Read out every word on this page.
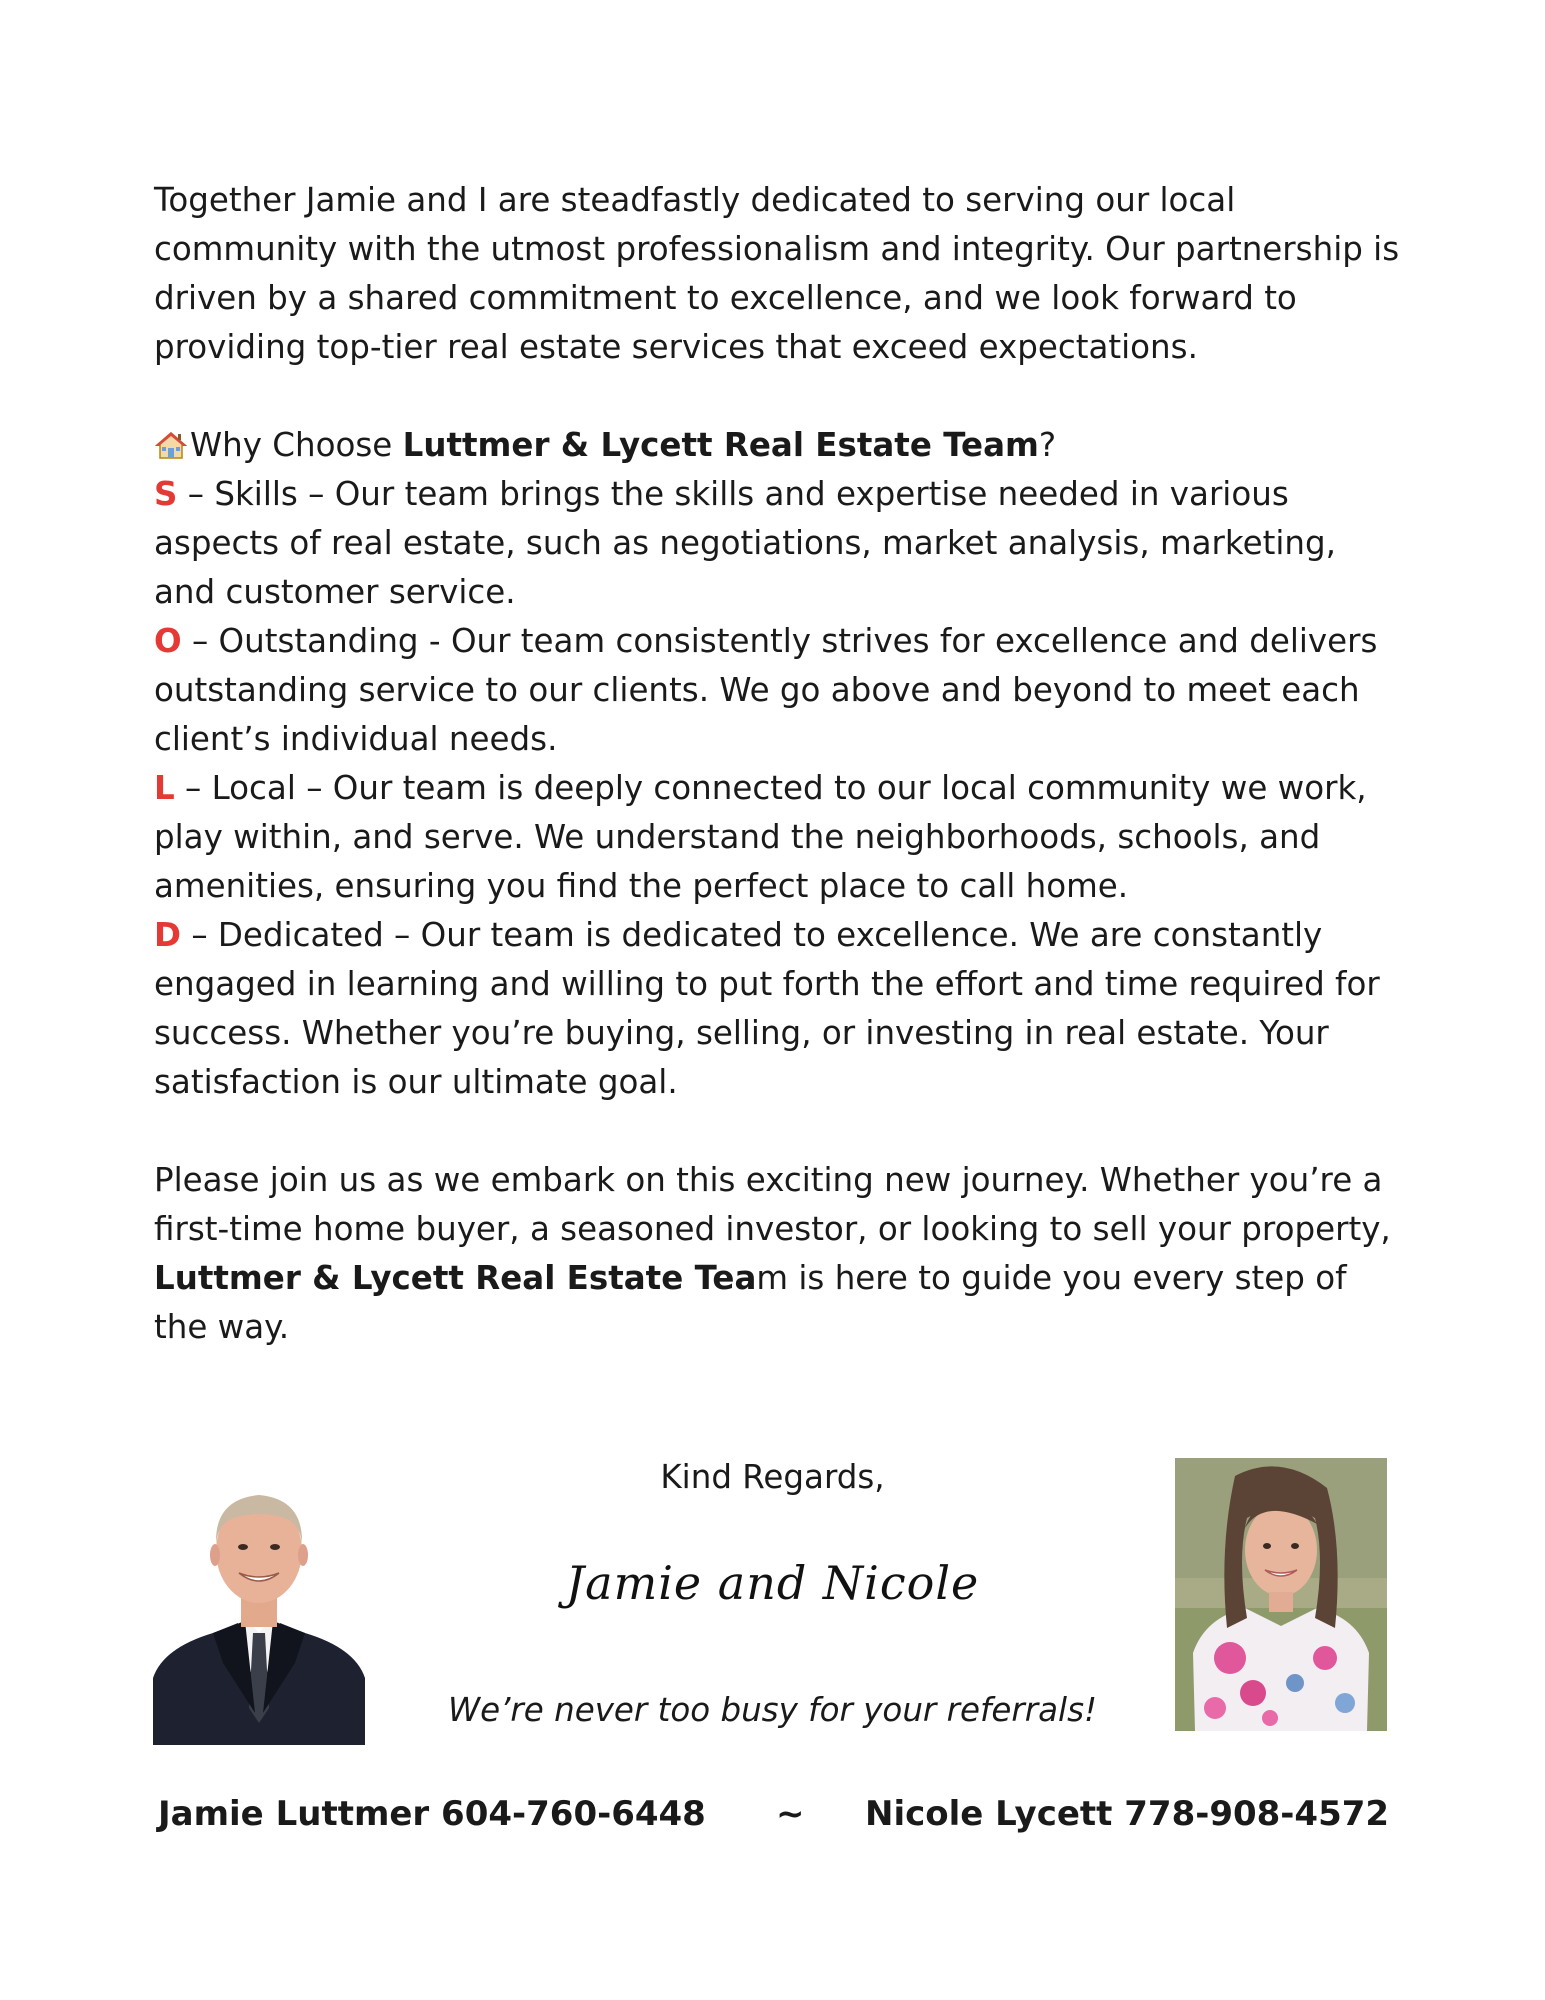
Together Jamie and I are steadfastly dedicated to serving our local community with the utmost professionalism and integrity. Our partnership is driven by a shared commitment to excellence, and we look forward to providing top-tier real estate services that exceed expectations.

Why Choose Luttmer & Lycett Real Estate Team?

S – Skills – Our team brings the skills and expertise needed in various aspects of real estate, such as negotiations, market analysis, marketing, and customer service.

O – Outstanding - Our team consistently strives for excellence and delivers outstanding service to our clients. We go above and beyond to meet each client’s individual needs.

L – Local – Our team is deeply connected to our local community we work, play within, and serve. We understand the neighborhoods, schools, and amenities, ensuring you find the perfect place to call home.

D – Dedicated – Our team is dedicated to excellence. We are constantly engaged in learning and willing to put forth the effort and time required for success. Whether you’re buying, selling, or investing in real estate. Your satisfaction is our ultimate goal.

Please join us as we embark on this exciting new journey. Whether you’re a first-time home buyer, a seasoned investor, or looking to sell your property, Luttmer & Lycett Real Estate Team is here to guide you every step of the way.

Kind Regards,
Jamie and Nicole
We’re never too busy for your referrals!
Jamie Luttmer 604-760-6448 ~ Nicole Lycett 778-908-4572
